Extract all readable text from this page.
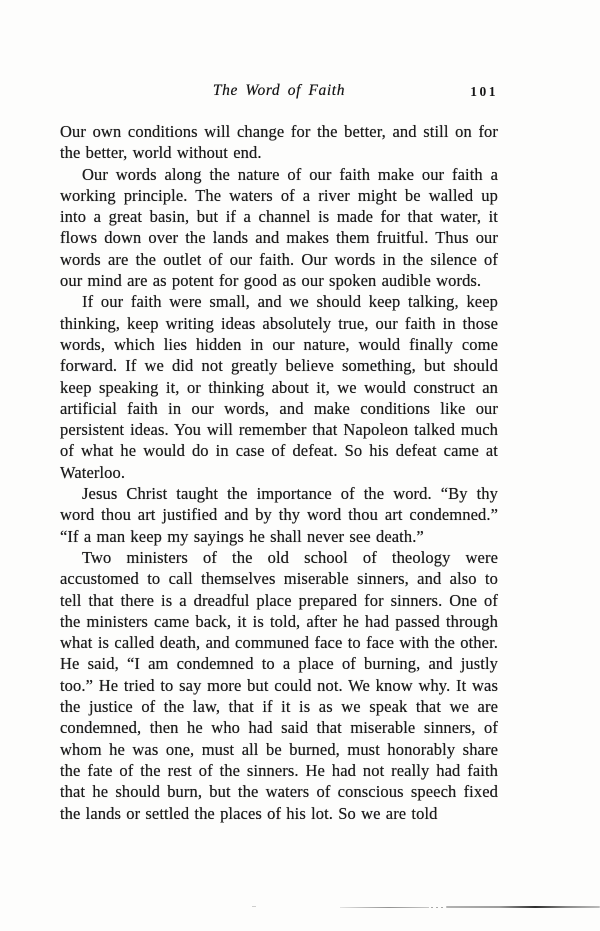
The Word of Faith	101

Our own conditions will change for the better, and still on for the better, world without end.

Our words along the nature of our faith make our faith a working principle. The waters of a river might be walled up into a great basin, but if a channel is made for that water, it flows down over the lands and makes them fruitful. Thus our words are the outlet of our faith. Our words in the silence of our mind are as potent for good as our spoken audible words.

If our faith were small, and we should keep talking, keep thinking, keep writing ideas absolutely true, our faith in those words, which lies hidden in our nature, would finally come forward. If we did not greatly believe something, but should keep speaking it, or thinking about it, we would construct an artificial faith in our words, and make conditions like our persistent ideas. You will remember that Napoleon talked much of what he would do in case of defeat. So his defeat came at Waterloo.

Jesus Christ taught the importance of the word. “By thy word thou art justified and by thy word thou art condemned.” “If a man keep my sayings he shall never see death.”

Two ministers of the old school of theology were accustomed to call themselves miserable sinners, and also to tell that there is a dreadful place prepared for sinners. One of the ministers came back, it is told, after he had passed through what is called death, and communed face to face with the other. He said, “I am condemned to a place of burning, and justly too.” He tried to say more but could not. We know why. It was the justice of the law, that if it is as we speak that we are condemned, then he who had said that miserable sinners, of whom he was one, must all be burned, must honorably share the fate of the rest of the sinners. He had not really had faith that he should burn, but the waters of conscious speech fixed the lands or settled the places of his lot. So we are told
